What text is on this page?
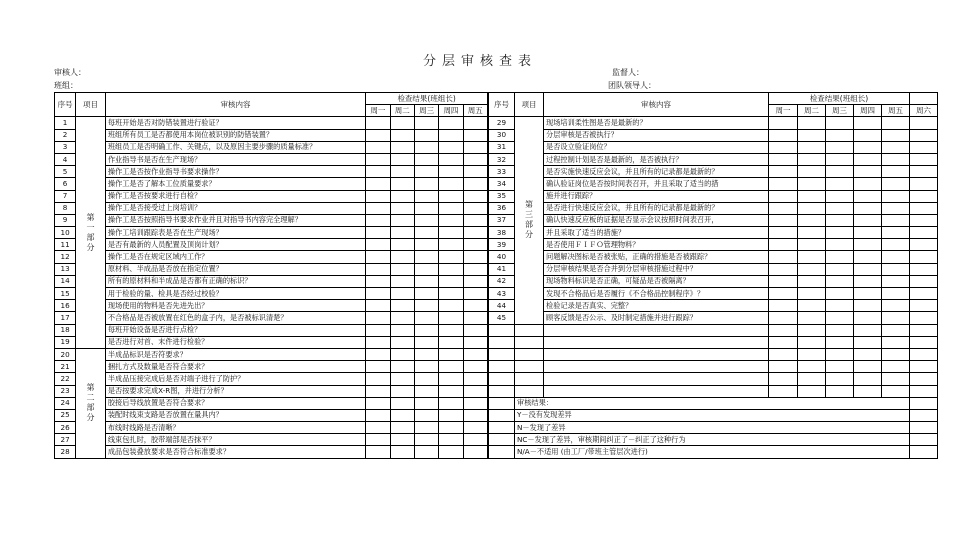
分层审核查表
审核人：
班组：
监督人：
团队领导人：
序号	项目	审核内容	检查结果(班组长)				
			周一	周二	周三	周四	周五
1	第
一
部
分	每班开始是否对防错装置进行验证？					
2		班组所有员工是否都使用本岗位被识别的防错装置？					
3		班组员工是否明确工作、关键点，以及原因主要步骤的质量标准？					
4		作业指导书是否在生产现场？					
5		操作工是否按作业指导书要求操作？					
6		操作工是否了解本工位质量要求？					
7		操作工是否按要求进行自检？					
8		操作工是否接受过上岗培训？					
9		操作工是否按照指导书要求作业并且对指导书内容完全理解？					
10		操作工培训跟踪表是否在生产现场？					
11		是否有最新的人员配置及顶岗计划？					
12		操作工是否在规定区域内工作？					
13		原材料、半成品是否放在指定位置？					
14		所有的原材料和半成品是否都有正确的标识？					
15		用于检验的量、检具是否经过校验？					
16		现场使用的物料是否先进先出？					
17		不合格品是否被放置在红色的盒子内，是否被标识清楚？					
18		每班开始设备是否进行点检？					
19		是否进行对首、末件进行检验？					
20	第
二
部
分	半成品标识是否符要求？					
21		捆扎方式及数量是否符合要求？					
22		半成品压接完成后是否对端子进行了防护？					
23		是否按要求完成X-R图，并进行分析？					
24		胶接后导线放置是否符合要求？					
25		装配时线束支路是否放置在量具内？					
26		布线时线路是否清晰？					
27		线束包扎时，胶带端部是否抹平？					
28		成品包装叠放要求是否符合标准要求？					
序号	项目	审核内容	检查结果(班组长)					
			周一	周二	周三	周四	周五	周六
29	第
三
部
分	现场培训柔性图是否是最新的？						
30		分层审核是否被执行？						
31		是否设立验证岗位？						
32		过程控制计划是否是最新的，是否被执行？						
33		是否实施快速反应会议，并且所有的记录都是最新的？						
34		确认验证岗位是否按时间表召开，并且采取了适当的措						
35		施并进行跟踪？						
36		是否进行快速反应会议，并且所有的记录都是最新的？						
37		确认快速反应板的证据是否显示会议按照时间表召开，						
38		并且采取了适当的措施？						
39		是否使用ＦＩＦＯ管理物料？						
40		问题解决图标是否被张贴，正确的措施是否被跟踪？						
41		分层审核结果是否合并到分层审核措施过程中？						
42		现场物料标识是否正确，可疑品是否被隔离？						
43		发现不合格品后是否履行《不合格品控制程序》？						
44		检验记录是否真实、完整？						
45		顾客反馈是否公示、及时制定措施并进行跟踪？						

	审核结果：							
	Y－没有发现差异							
	N－发现了差异							
	NC－发现了差异，审核期间纠正了－纠正了这种行为							
	N/A－不适用 (由工厂/带班主管层次进行)							
